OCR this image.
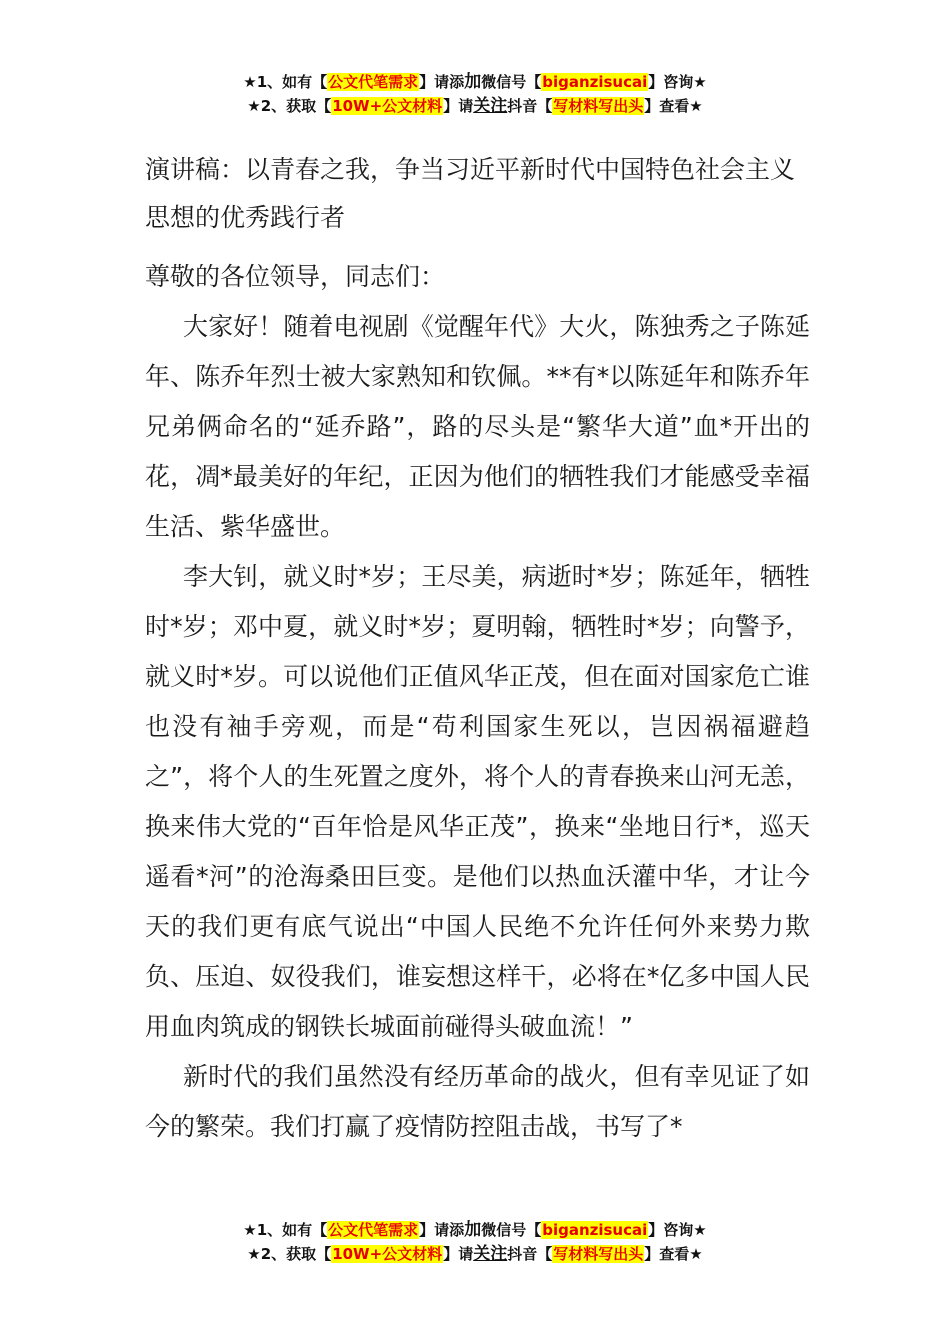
★1、如有【公文代笔需求】请添加微信号【biganzisucai】咨询★
★2、获取【10W+公文材料】请关注抖音【写材料写出头】查看★
演讲稿：以青春之我，争当习近平新时代中国特色社会主义思想的优秀践行者

尊敬的各位领导，同志们：

大家好！随着电视剧《觉醒年代》大火，陈独秀之子陈延年、陈乔年烈士被大家熟知和钦佩。**有*以陈延年和陈乔年兄弟俩命名的“延乔路”，路的尽头是“繁华大道”血*开出的花，凋*最美好的年纪，正因为他们的牺牲我们才能感受幸福生活、紫华盛世。

李大钊，就义时*岁；王尽美，病逝时*岁；陈延年，牺牲时*岁；邓中夏，就义时*岁；夏明翰，牺牲时*岁；向警予，就义时*岁。可以说他们正值风华正茂，但在面对国家危亡谁也没有袖手旁观，而是“苟利国家生死以，岂因祸福避趋之”，将个人的生死置之度外，将个人的青春换来山河无恙，换来伟大党的“百年恰是风华正茂”，换来“坐地日行*，巡天遥看*河”的沧海桑田巨变。是他们以热血沃灌中华，才让今天的我们更有底气说出“中国人民绝不允许任何外来势力欺负、压迫、奴役我们，谁妄想这样干，必将在*亿多中国人民用血肉筑成的钢铁长城面前碰得头破血流！”

新时代的我们虽然没有经历革命的战火，但有幸见证了如今的繁荣。我们打赢了疫情防控阻击战，书写了*

★1、如有【公文代笔需求】请添加微信号【biganzisucai】咨询★
★2、获取【10W+公文材料】请关注抖音【写材料写出头】查看★
